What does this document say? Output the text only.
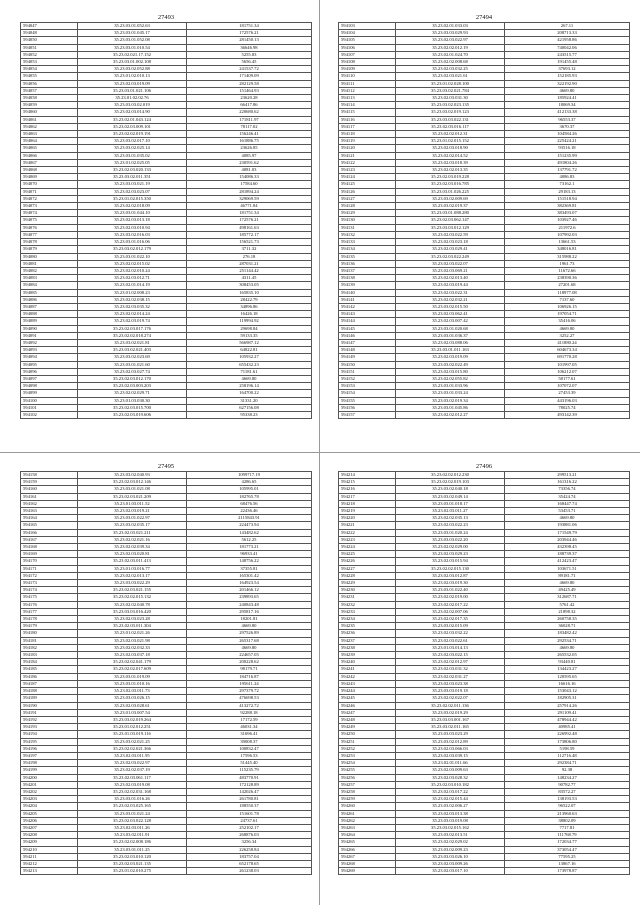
27493
594047	35.23.03.01.052.63	181751.34
594048	35.23.03.01.045.17	172576.21
594050	35.23.03.01.052.08	281450.13
594051	35.23.03.01.010.54	36646.98
594052	35.23.02.021.17.152	5255.83
594053	35.23.03.01.002.108	5656.45
594054	35.23.03.02.052.88	241537.72
594055	35.23.01.02.010.13	171409.09
594056	35.23.02.03.019.09	282129.58
594057	35.23.03.01.021.106	151464.93
594058	35.23.01.02.02.76	23620.28
594059	35.23.03.03.02.019	66417.86
594060	35.23.02.03.014.90	220680.62
594061	35.23.02.01.043.124	171811.97
594062	35.23.02.03.009.101	78117.02
594063	35.23.02.02.019.191	156246.41
594064	35.23.03.02.017.10	161886.75
594065	35.23.03.02.025.14	23626.85
594066	35.23.03.01.035.02	4085.97
594067	35.23.01.02.025.05	230591.62
594068	35.23.02.03.020.133	4081.03
594069	35.23.03.02.011.351	154086.33
594070	35.23.03.03.021.19	17584.60
594071	35.23.02.03.023.07	281894.24
594072	35.23.01.02.015.350	329069.59
594073	35.23.02.02.018.09	46771.84
594074	35.23.03.01.044.10	181751.34
594075	35.23.02.03.013.18	172576.21
594076	35.23.02.03.010.94	498161.63
594077	35.23.03.02.016.03	185772.17
594078	35.23.03.01.016.06	156521.73
594079	35.23.03.02.012.179	3711.32
594080	35.23.03.01.022.10	276.18
594081	35.23.02.02.015.02	287031.21
594082	35.23.02.02.010.24	251144.42
594083	35.23.02.03.012.71	4311.45
594084	35.23.02.01.014.19	308453.05
594085	35.23.01.02.008.23	165835.10
594086	35.23.02.02.038.15	28422.79
594087	35.23.02.03.035.32	34896.86
594088	35.23.02.02.014.24	16426.18
594089	35.23.02.03.019.74	119994.92
594090	35.23.02.03.017.176	29698.84
594091	35.23.02.02.018.274	59133.35
594092	35.23.03.02.021.81	566987.12
594093	35.23.03.02.021.403	64822.81
594094	35.23.03.02.023.69	105932.27
594095	35.23.03.01.021.60	655432.23
594096	35.23.02.03.027.74	71181.61
594097	35.23.02.03.012.170	4669.80
594098	35.23.02.03.003.203	258196.14
594099	35.23.02.02.029.71	164700.22
594100	35.23.01.03.030.30	31331.20
594101	35.23.02.03.015.700	627156.08
594102	35.23.02.03.019.606	95338.23
27494
594103	35.23.02.01.033.03	267.11
594104	35.23.03.03.029.93	208713.33
594105	35.23.02.03.022.97	421958.86
594106	35.23.02.02.012.19	740042.06
594107	35.23.02.01.024.70	243515.77
594108	35.23.02.02.008.68	191455.48
594109	35.23.02.03.032.25	37693.12
594110	35.23.02.03.021.61	152185.93
594111	35.23.01.02.028.100	322192.90
594112	35.23.03.02.021.784	4669.80
594113	35.23.02.03.031.30	185924.41
594114	35.23.03.02.023.135	18069.34
594115	35.23.03.02.019.123	412133.38
594116	35.23.03.03.022.131	96553.37
594117	35.23.02.03.016.117	3670.37
594118	35.23.02.02.012.31	104584.26
594119	35.23.01.02.015.152	225424.21
594120	35.23.02.03.018.90	93516.18
594121	35.23.02.02.014.52	151235.99
594122	35.23.02.03.018.39	491804.26
594123	35.23.02.02.013.35	137791.72
594124	35.23.02.03.019.228	4086.83
594125	35.23.02.03.016.785	73162.1
594126	35.23.03.01.026.225	29183.13
594127	35.23.03.02.009.69	151518.94
594128	35.23.03.02.019.37	382369.81
594129	35.23.03.01.088.280	383493.07
594130	35.23.02.03.062.147	103927.46
594131	35.23.03.03.012.129	211972.6
594132	35.23.02.03.022.59	107992.03
594133	35.23.02.03.023.18	13661.53
594134	35.23.02.03.029.41	348016.81
594135	35.23.02.03.022.249	315988.22
594136	35.23.02.03.022.07	1961.73
594137	35.23.02.03.069.21	11672.66
594138	35.23.02.02.013.40	238390.36
594139	35.23.02.03.019.44	27201.68
594140	35.23.02.03.022.31	118977.08
594141	35.23.02.02.032.21	7137.60
594142	35.23.03.02.015.50	106926.15
594143	35.23.02.03.062.41	197054.71
594144	35.23.02.03.007.42	35416.06
594145	35.23.03.01.020.68	4669.80
594146	35.23.03.01.036.37	3252.27
594147	35.23.02.03.088.06	411880.24
594148	35.23.03.01.011.163	604673.34
594149	35.23.02.03.019.09	691770.28
594150	35.23.03.02.022.49	101997.05
594151	35.23.02.03.015.80	106212.07
594152	35.23.02.02.055.82	58177.61
594153	35.23.03.01.033.96	107072.07
594154	35.23.03.01.033.24	27453.39
594155	35.23.03.02.019.34	443196.03
594156	35.23.03.01.045.86	78025.74
594157	35.23.02.02.012.27	493142.39
27495
594158	35.23.03.02.040.93	1099717.19
594159	35.23.02.03.012.146	4286.65
594160	35.23.03.01.021.08	105995.01
594161	35.23.02.03.021.209	182765.78
594162	35.23.01.03.011.52	68476.56
594163	35.23.02.03.019.21	22436.46
594164	35.23.03.01.022.97	2115843.91
594165	35.23.03.02.035.17	224473.94
594166	35.23.02.03.021.211	143482.62
594167	35.23.02.02.021.16	5612.25
594168	35.23.02.02.039.34	181773.21
594169	35.23.02.03.020.81	96933.41
594170	35.23.02.03.011.413	148756.22
594171	35.23.01.03.016.77	37355.81
594172	35.23.02.02.013.17	165301.42
594173	35.23.03.03.022.29	164923.54
594174	35.23.02.03.021.155	201466.12
594175	35.23.02.02.015.132	239893.65
594176	35.23.02.02.040.78	240843.48
594177	35.23.03.03.016.420	295817.16
594178	35.23.02.03.023.28	18201.81
594179	35.23.02.03.011.304	4669.80
594180	35.23.01.02.021.26	297526.89
594181	35.23.02.03.021.98	265317.68
594182	35.23.02.02.032.33	4669.80
594183	35.23.02.03.037.18	224657.05
594184	35.23.02.02.041.179	200228.62
594185	35.23.02.02.017.609	98179.71
594186	35.23.03.01.019.09	184716.87
594187	35.23.03.01.010.16	195611.24
594188	35.23.02.03.011.73	297379.72
594189	35.23.03.03.026.15	476698.53
594190	35.23.02.03.028.61	413272.72
594191	35.23.01.03.007.54	92288.18
594192	35.23.03.02.019.264	17172.59
594193	35.23.01.02.012.251	46031.34
594194	35.23.01.03.019.116	31696.41
594195	35.23.03.02.021.25	39008.37
594196	35.23.02.02.021.366	100832.47
594197	35.23.02.03.011.95	17596.53
594198	35.23.02.03.022.97	51445.40
594199	35.23.02.02.037.19	115235.79
594200	35.23.02.03.061.117	483770.91
594201	35.23.02.03.019.08	172128.89
594202	35.23.02.02.031.168	142026.47
594203	35.23.03.01.016.26	261780.81
594204	35.23.02.03.025.165	188550.37
594205	35.23.03.01.021.24	151601.78
594206	35.23.02.03.022.128	24737.61
594207	35.23.02.03.011.26	252102.17
594208	35.23.03.02.011.91	268876.03
594209	35.23.02.02.008.186	3256.34
594210	35.23.03.01.011.25	226258.84
594211	35.23.02.03.010.120	183757.04
594212	35.23.02.03.021.135	652178.65
594213	35.23.01.02.010.275	261238.03
27496
594214	35.23.02.02.012.230	299513.21
594215	35.23.02.02.019.103	161316.22
594216	35.23.03.02.040.18	73356.74
594217	35.23.03.02.049.14	35424.74
594218	35.23.03.01.018.17	168447.74
594219	35.23.02.03.011.27	53453.71
594220	35.23.02.02.035.13	4669.80
594221	35.23.02.03.022.23	193881.06
594222	35.23.03.01.020.24	171549.79
594223	35.23.03.03.022.20	203944.46
594224	35.23.02.02.029.00	432398.45
594225	35.23.02.03.029.23	188739.37
594226	35.23.02.03.015.94	412423.47
594227	35.23.02.02.015.130	103671.51
594228	35.23.02.03.012.87	89181.71
594229	35.23.02.03.019.30	4669.80
594230	35.23.03.01.022.40	49425.49
594231	35.23.02.02.019.00	312687.71
594232	35.23.02.02.017.22	5761.42
594233	35.23.02.02.007.06	21898.32
594234	35.23.02.02.017.35	260758.35
594235	35.23.03.02.015.09	36028.71
594236	35.23.02.03.032.22	183482.42
594237	35.23.02.03.022.61	292534.71
594238	35.23.01.03.014.13	4669.80
594239	35.23.02.03.022.15	265532.05
594240	35.23.02.02.012.97	93440.81
594241	35.23.02.03.031.32	134423.27
594242	35.23.02.02.031.27	120595.65
594243	35.23.02.03.023.38	16616.16
594244	35.23.03.03.019.18	153043.12
594245	35.23.02.02.022.07	182905.31
594246	35.23.02.02.011.136	257914.26
594247	35.23.03.02.019.29	291109.41
594248	35.23.03.03.001.167	478944.42
594249	35.23.03.02.011.165	40985.41
594250	35.23.03.03.023.29	226992.48
594251	35.23.03.02.012.89	173806.80
594252	35.23.02.03.066.03	5198.59
594253	35.23.02.03.039.15	112716.48
594254	35.23.02.01.011.66	292384.71
594255	35.23.02.03.009.63	92.38
594256	35.23.02.03.028.32	148234.27
594257	35.23.02.03.010.182	90782.77
594258	35.23.02.03.017.22	83572.27
594259	35.23.02.02.015.44	138193.53
594260	35.23.03.02.006.27	96522.07
594261	35.23.02.03.013.38	213960.63
594262	35.23.03.03.019.08	38802.09
594263	35.23.03.02.015.162	7717.81
594264	35.23.03.02.013.51	111768.79
594265	35.23.02.02.029.02	172034.77
594266	35.23.03.02.009.23	373054.47
594267	35.23.03.03.026.10	77595.25
594268	35.23.02.03.009.26	13867.16
594269	35.23.02.03.017.10	173978.87
